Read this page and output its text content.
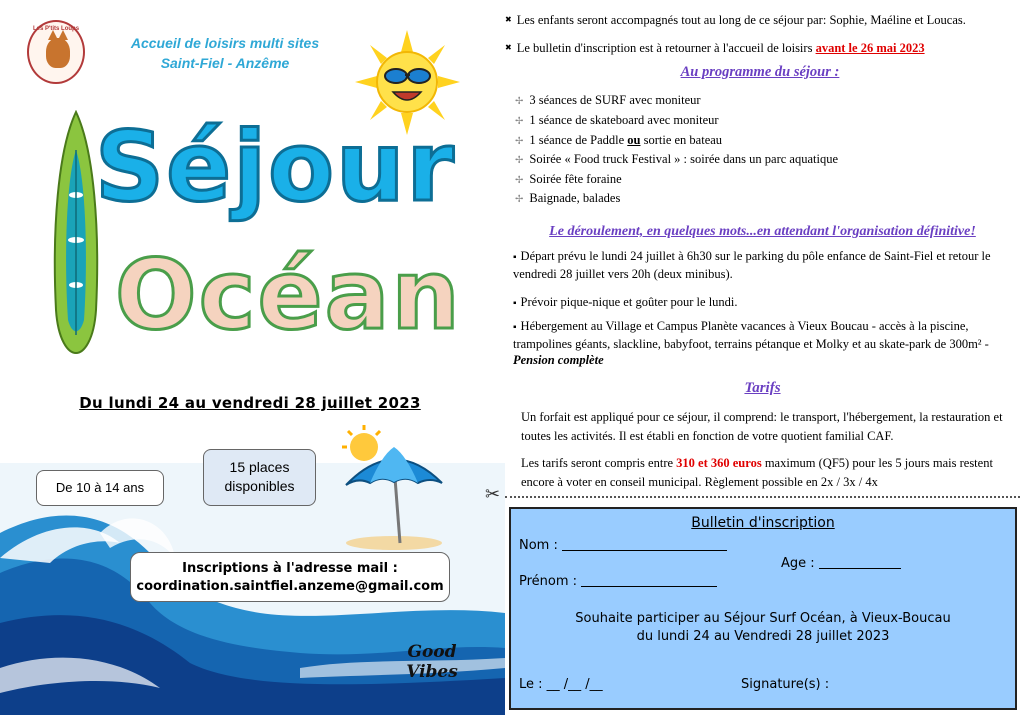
Les P'tits Loups
Accueil de loisirs multi sites
Saint-Fiel - Anzême
Séjour
Océan
Du lundi 24 au vendredi 28 juillet 2023
De 10 à 14 ans
15 places
disponibles
Inscriptions à l'adresse mail :
coordination.saintfiel.anzeme@gmail.com
Good
Vibes
✖ Les enfants seront accompagnés tout au long de ce séjour par: Sophie, Maéline et Loucas.
✖ Le bulletin d'inscription est à retourner à l'accueil de loisirs avant le 26 mai 2023
Au programme du séjour :
✢ 3 séances de SURF avec moniteur
✢ 1 séance de skateboard avec moniteur
✢ 1 séance de Paddle ou sortie en bateau
✢ Soirée « Food truck Festival » : soirée dans un parc aquatique
✢ Soirée fête foraine
✢ Baignade, balades
Le déroulement, en quelques mots...en attendant l'organisation définitive!
▪ Départ prévu le lundi 24 juillet à 6h30 sur le parking du pôle enfance de Saint-Fiel et retour le vendredi 28 juillet vers 20h (deux minibus).
▪ Prévoir pique-nique et goûter pour le lundi.
▪ Hébergement au Village et Campus Planète vacances à Vieux Boucau - accès à la piscine, trampolines géants, slackline, babyfoot, terrains pétanque et Molky et au skate-park de 300m² - Pension complète
Tarifs
Un forfait est appliqué pour ce séjour, il comprend: le transport, l'hébergement, la restauration et toutes les activités. Il est établi en fonction de votre quotient familial CAF.
Les tarifs seront compris entre 310 et 360 euros maximum (QF5) pour les 5 jours mais restent encore à voter en conseil municipal. Règlement possible en 2x / 3x / 4x
✂
Bulletin d'inscription
Nom :
Age :
Prénom :
Souhaite participer au Séjour Surf Océan, à Vieux-Boucau
du lundi 24 au Vendredi 28 juillet 2023
Le : __ /__ /__	Signature(s) :
